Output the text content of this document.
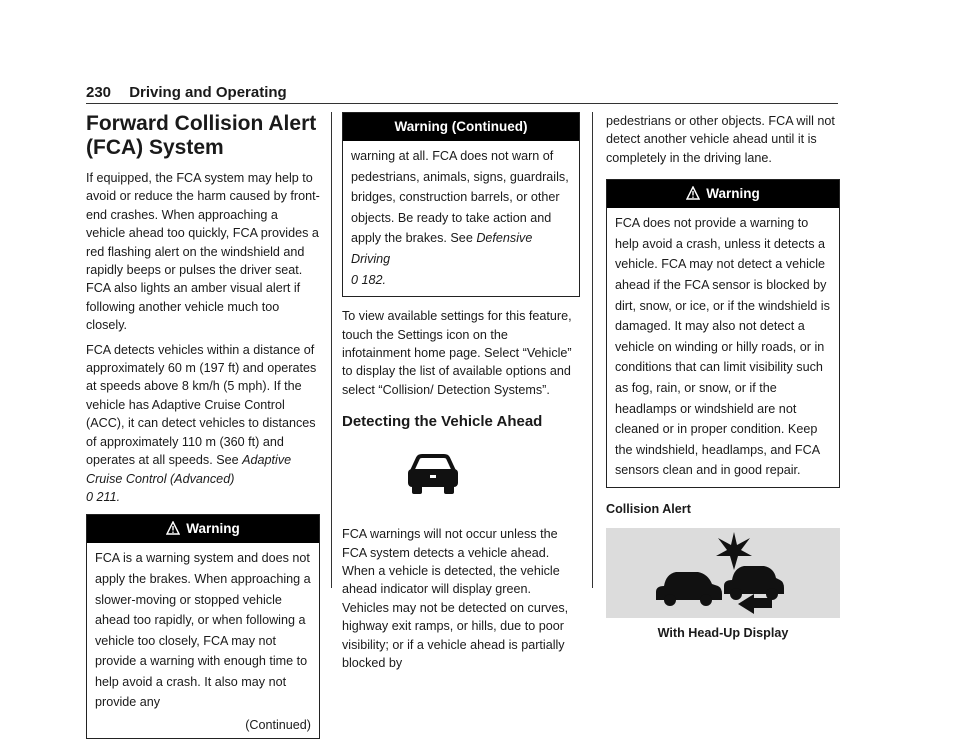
230 Driving and Operating
Forward Collision Alert (FCA) System

If equipped, the FCA system may help to avoid or reduce the harm caused by front-end crashes. When approaching a vehicle ahead too quickly, FCA provides a red flashing alert on the windshield and rapidly beeps or pulses the driver seat. FCA also lights an amber visual alert if following another vehicle much too closely.

FCA detects vehicles within a distance of approximately 60 m (197 ft) and operates at speeds above 8 km/h (5 mph). If the vehicle has Adaptive Cruise Control (ACC), it can detect vehicles to distances of approximately 110 m (360 ft) and operates at all speeds. See Adaptive Cruise Control (Advanced)
0 211.

Warning

FCA is a warning system and does not apply the brakes. When approaching a slower-moving or stopped vehicle ahead too rapidly, or when following a vehicle too closely, FCA may not provide a warning with enough time to help avoid a crash. It also may not provide any

(Continued)
Warning (Continued)

warning at all. FCA does not warn of pedestrians, animals, signs, guardrails, bridges, construction barrels, or other objects. Be ready to take action and apply the brakes. See Defensive Driving
0 182.

To view available settings for this feature, touch the Settings icon on the infotainment home page. Select “Vehicle” to display the list of available options and select “Collision/ Detection Systems”.

Detecting the Vehicle Ahead

FCA warnings will not occur unless the FCA system detects a vehicle ahead. When a vehicle is detected, the vehicle ahead indicator will display green. Vehicles may not be detected on curves, highway exit ramps, or hills, due to poor visibility; or if a vehicle ahead is partially blocked by

pedestrians or other objects. FCA will not detect another vehicle ahead until it is completely in the driving lane.

Warning

FCA does not provide a warning to help avoid a crash, unless it detects a vehicle. FCA may not detect a vehicle ahead if the FCA sensor is blocked by dirt, snow, or ice, or if the windshield is damaged. It may also not detect a vehicle on winding or hilly roads, or in conditions that can limit visibility such as fog, rain, or snow, or if the headlamps or windshield are not cleaned or in proper condition. Keep the windshield, headlamps, and FCA sensors clean and in good repair.

Collision Alert
With Head-Up Display
